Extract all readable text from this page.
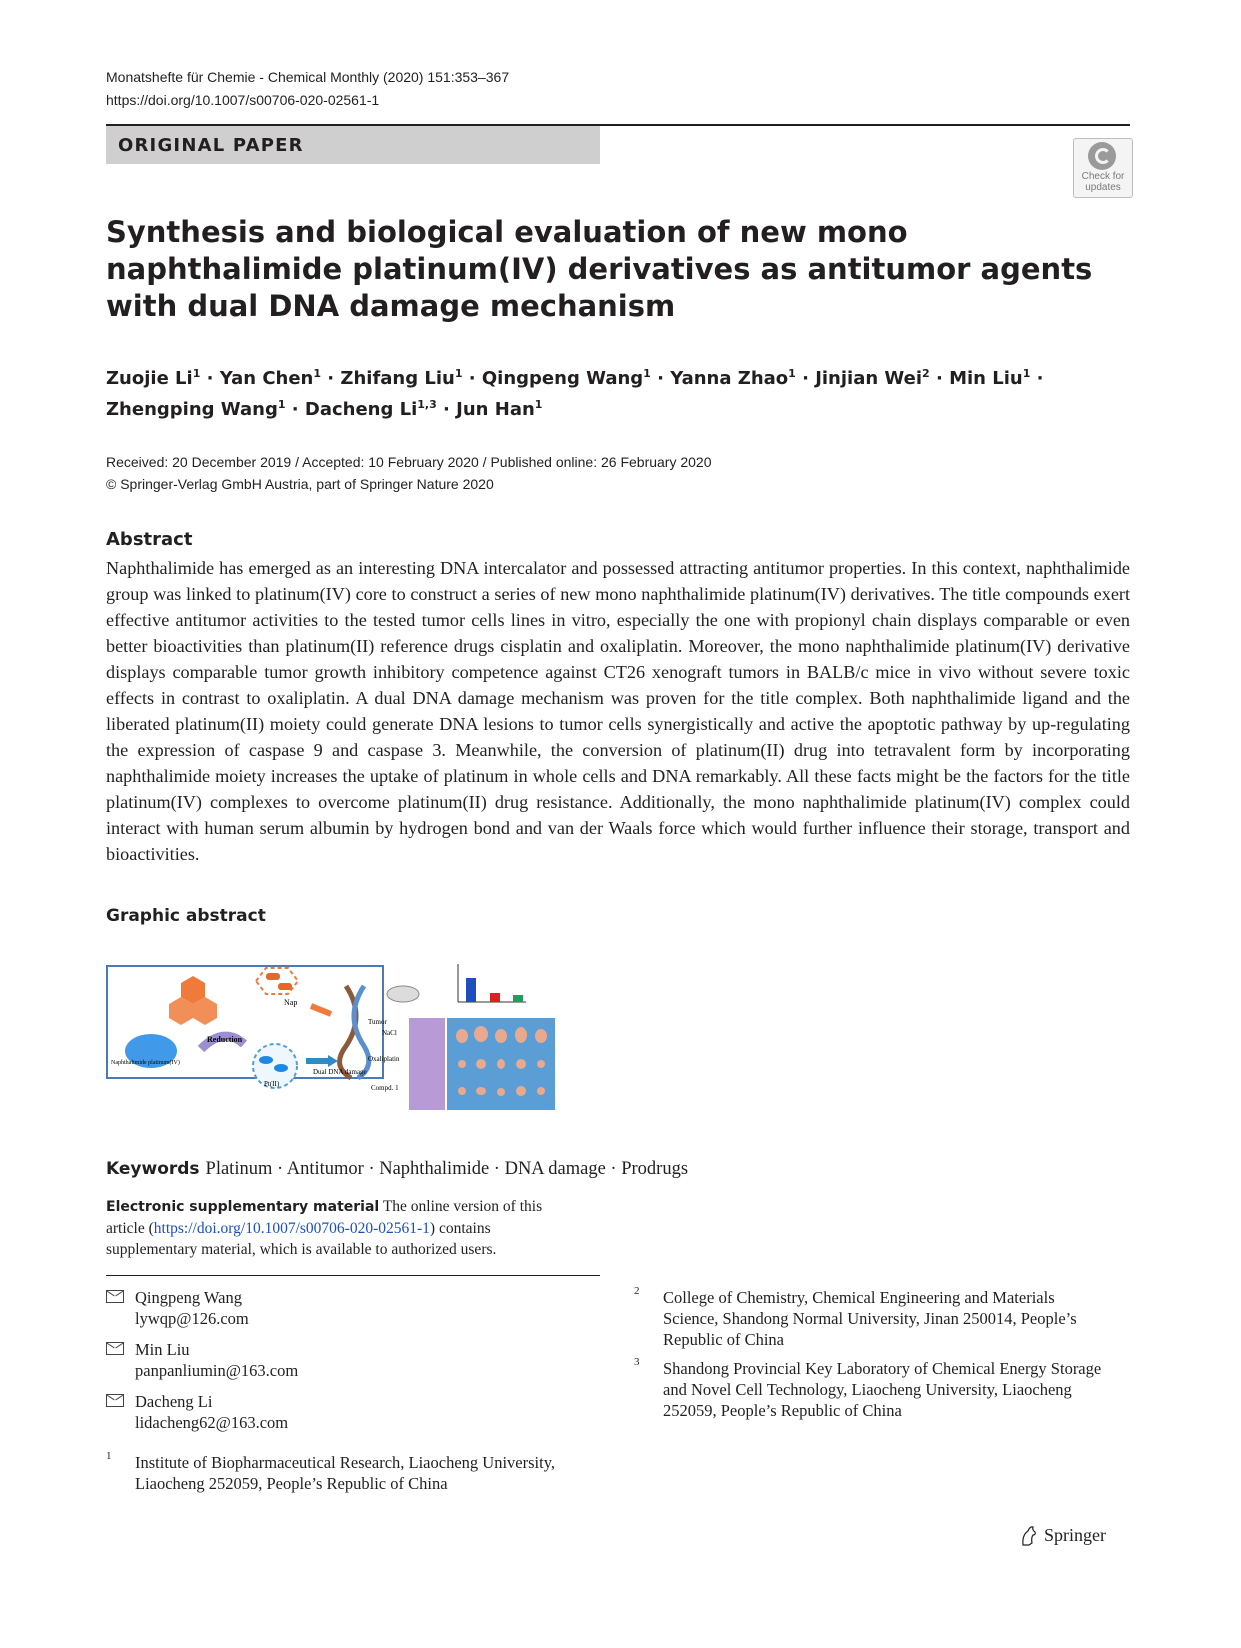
Monatshefte für Chemie - Chemical Monthly (2020) 151:353–367
https://doi.org/10.1007/s00706-020-02561-1
ORIGINAL PAPER
Check for updates
Synthesis and biological evaluation of new mono naphthalimide platinum(IV) derivatives as antitumor agents with dual DNA damage mechanism
Zuojie $Li^1$ · Yan Chen$^1$ · Zhifang Liu$^1$ · Qingpeng Wang$^1$ · Yanna Zhao$^1$ · Jinjian Wei$^2$ · Min Liu$^1$ · Zhengping Wang$^1$ · Dacheng Li$^{1,3}$ · Jun Han$^1$
Received: 20 December 2019 / Accepted: 10 February 2020 / Published online: 26 February 2020
© Springer-Verlag GmbH Austria, part of Springer Nature 2020
Abstract
Naphthalimide has emerged as an interesting DNA intercalator and possessed attracting antitumor properties. In this context, naphthalimide group was linked to platinum(IV) core to construct a series of new mono naphthalimide platinum(IV) derivatives. The title compounds exert effective antitumor activities to the tested tumor cells lines in vitro, especially the one with propionyl chain displays comparable or even better bioactivities than platinum(II) reference drugs cisplatin and oxaliplatin. Moreover, the mono naphthalimide platinum(IV) derivative displays comparable tumor growth inhibitory competence against CT26 xenograft tumors in BALB/c mice in vivo without severe toxic effects in contrast to oxaliplatin. A dual DNA damage mechanism was proven for the title complex. Both naphthalimide ligand and the liberated platinum(II) moiety could generate DNA lesions to tumor cells synergistically and active the apoptotic pathway by up-regulating the expression of caspase 9 and caspase 3. Meanwhile, the conversion of platinum(II) drug into tetravalent form by incorporating naphthalimide moiety increases the uptake of platinum in whole cells and DNA remarkably. All these facts might be the factors for the title platinum(IV) complexes to overcome platinum(II) drug resistance. Additionally, the mono naphthalimide platinum(IV) complex could interact with human serum albumin by hydrogen bond and van der Waals force which would further influence their storage, transport and bioactivities.
Graphic abstract
Reduction
Nap
Pt(II)
Dual DNA damage
Naphthalimide platinum(IV)
Tumor
NaCl
Oxaliplatin
Compd. 1
Keywords Platinum · Antitumor · Naphthalimide · DNA damage · Prodrugs
Electronic supplementary material The online version of this article (https://doi.org/10.1007/s00706-020-02561-1) contains supplementary material, which is available to authorized users.
Qingpeng Wang
lywqp@126.com
Min Liu
panpanliumin@163.com
Dacheng Li
lidacheng62@163.com
1 Institute of Biopharmaceutical Research, Liaocheng University, Liaocheng 252059, People’s Republic of China
2 College of Chemistry, Chemical Engineering and Materials Science, Shandong Normal University, Jinan 250014, People’s Republic of China
3 Shandong Provincial Key Laboratory of Chemical Energy Storage and Novel Cell Technology, Liaocheng University, Liaocheng 252059, People’s Republic of China
Springer
